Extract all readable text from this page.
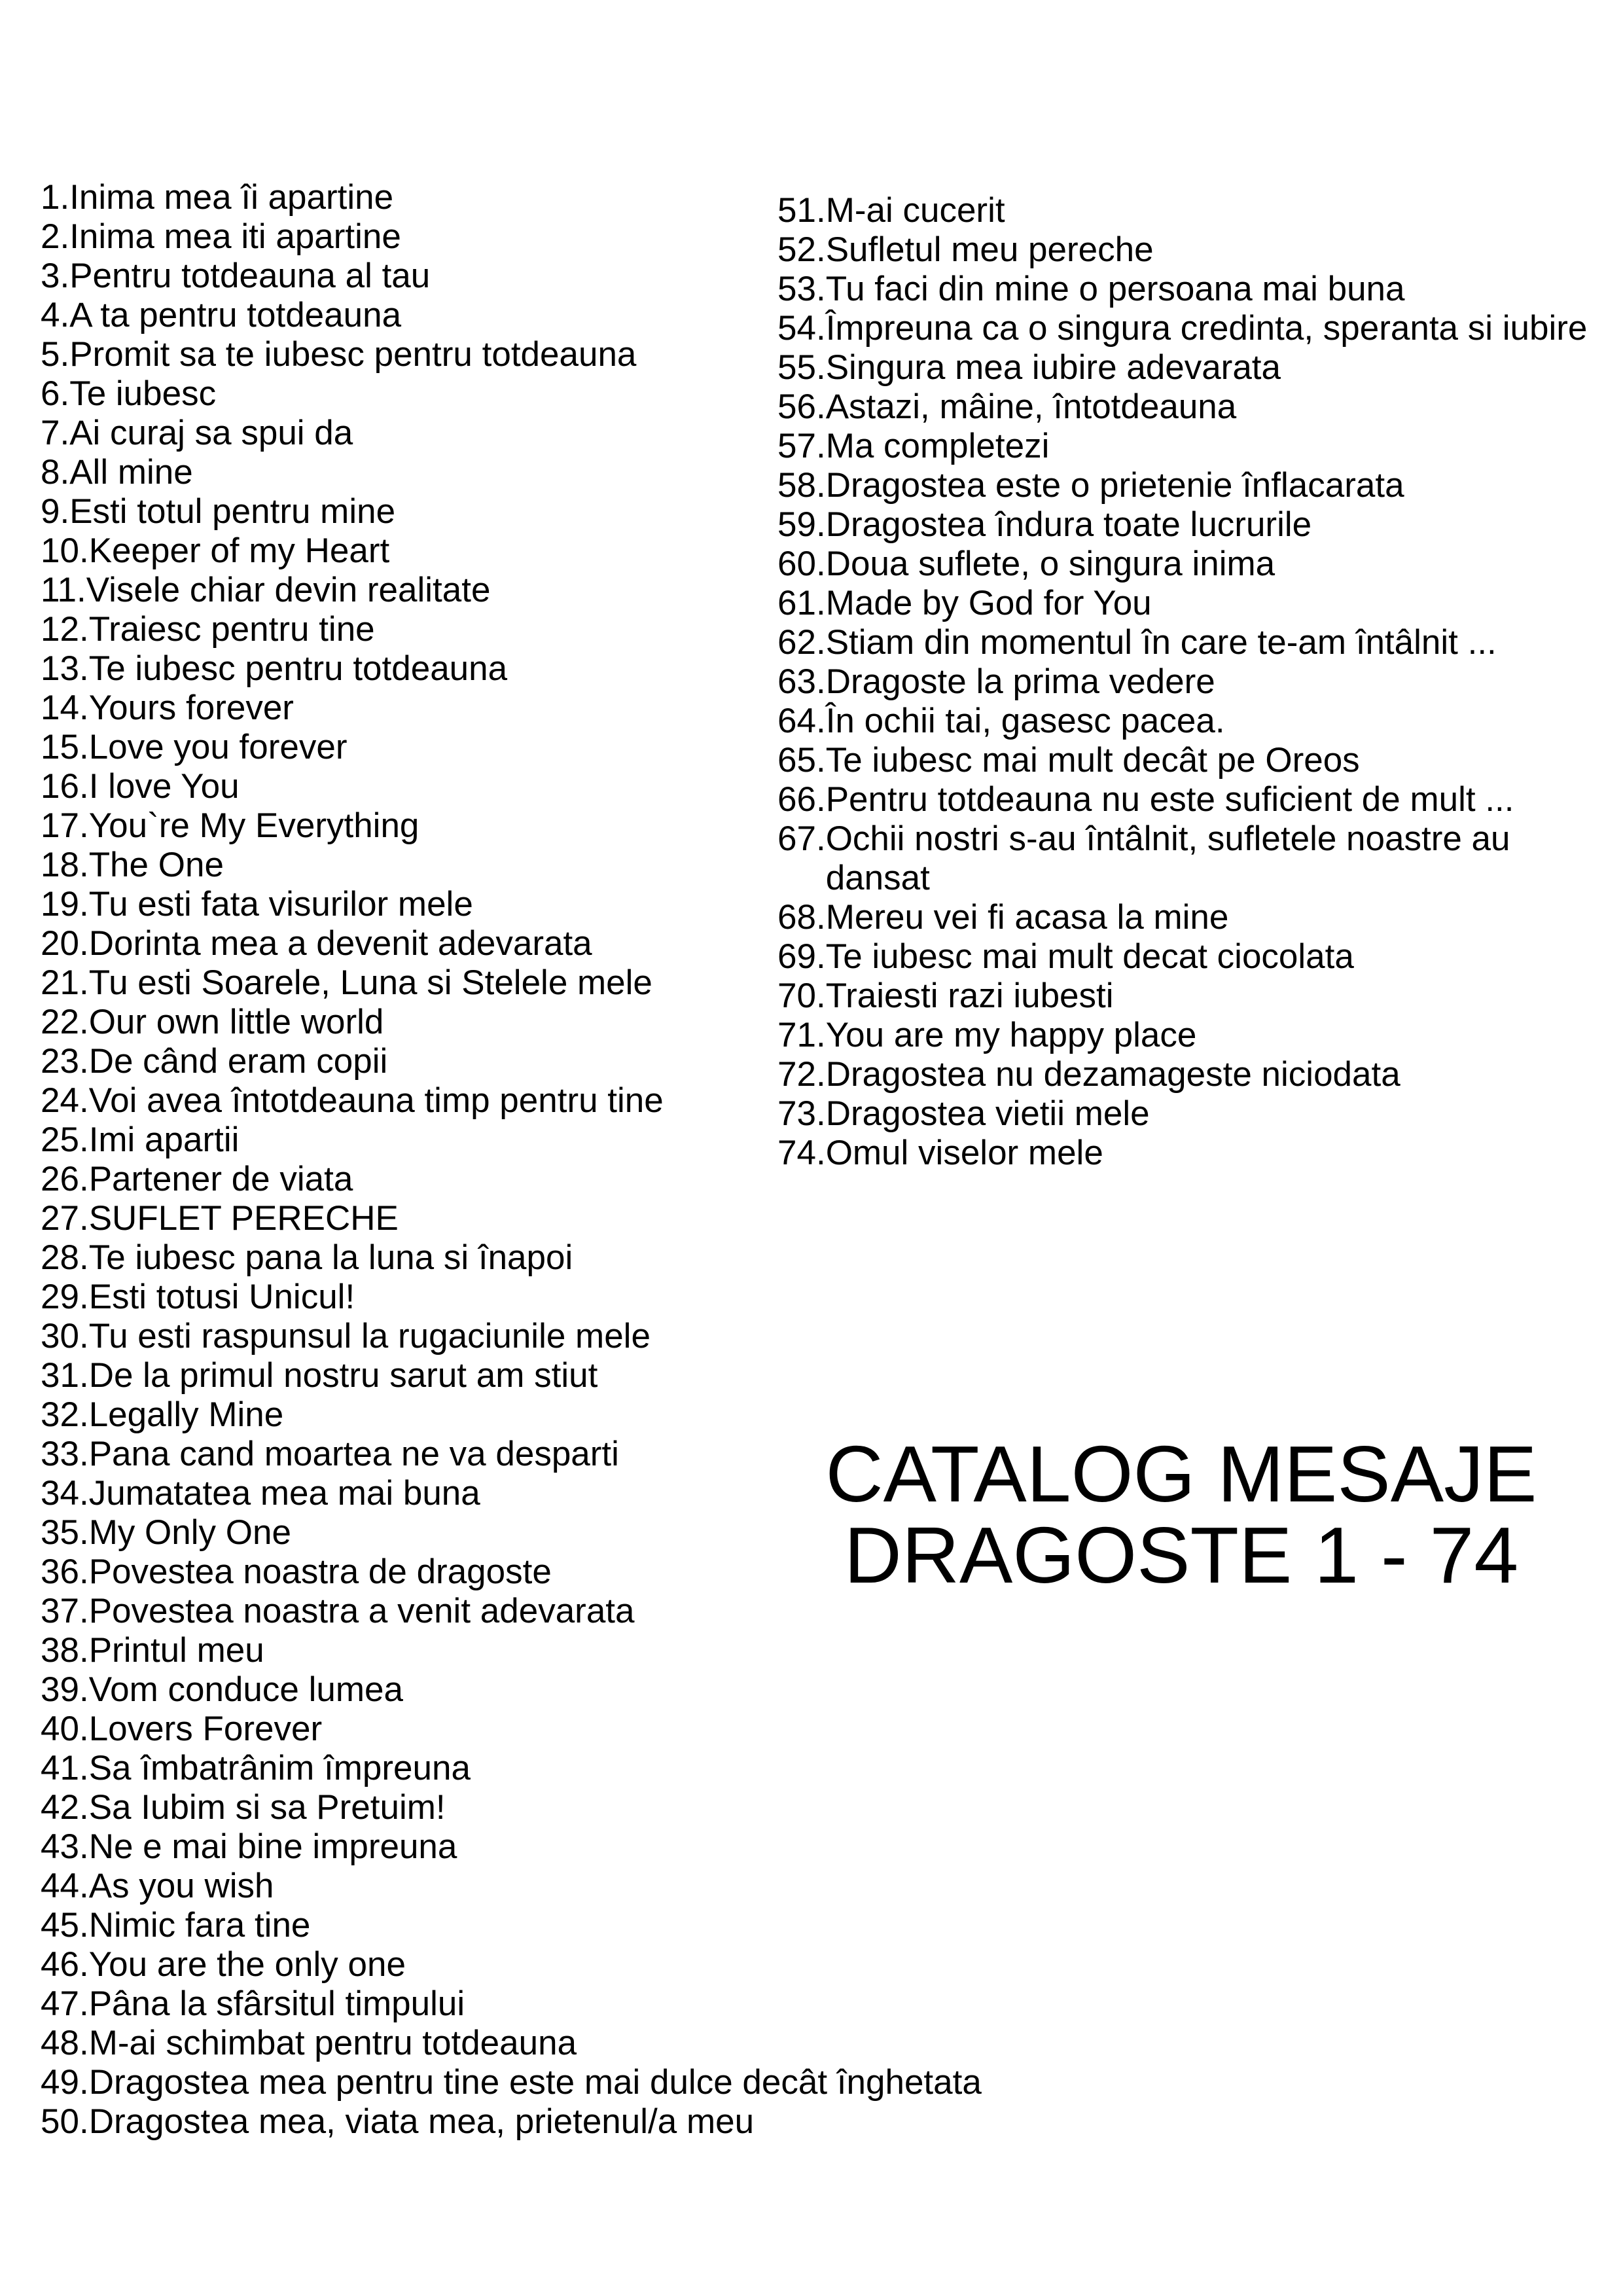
1. Inima mea îi apartine
2. Inima mea iti apartine
3. Pentru totdeauna al tau
4. A ta pentru totdeauna
5. Promit sa te iubesc pentru totdeauna
6. Te iubesc
7. Ai curaj sa spui da
8. All mine
9. Esti totul pentru mine
10. Keeper of my Heart
11. Visele chiar devin realitate
12. Traiesc pentru tine
13. Te iubesc pentru totdeauna
14. Yours forever
15. Love you forever
16. I love You
17. You`re My Everything
18. The One
19. Tu esti fata visurilor mele
20. Dorinta mea a devenit adevarata
21. Tu esti Soarele, Luna si Stelele mele
22. Our own little world
23. De când eram copii
24. Voi avea întotdeauna timp pentru tine
25. Imi apartii
26. Partener de viata
27. SUFLET PERECHE
28. Te iubesc pana la luna si înapoi
29. Esti totusi Unicul!
30. Tu esti raspunsul la rugaciunile mele
31. De la primul nostru sarut am stiut
32. Legally Mine
33. Pana cand moartea ne va desparti
34. Jumatatea mea mai buna
35. My Only One
36. Povestea noastra de dragoste
37. Povestea noastra a venit adevarata
38. Printul meu
39. Vom conduce lumea
40. Lovers Forever
41. Sa îmbatrânim împreuna
42. Sa Iubim si sa Pretuim!
43. Ne e mai bine impreuna
44. As you wish
45. Nimic fara tine
46. You are the only one
47. Pâna la sfârsitul timpului
48. M-ai schimbat pentru totdeauna
49. Dragostea mea pentru tine este mai dulce decât înghetata
50. Dragostea mea, viata mea, prietenul/a meu
51. M-ai cucerit
52. Sufletul meu pereche
53. Tu faci din mine o persoana mai buna
54. Împreuna ca o singura credinta, speranta si iubire
55. Singura mea iubire adevarata
56. Astazi, mâine, întotdeauna
57. Ma completezi
58. Dragostea este o prietenie înflacarata
59. Dragostea îndura toate lucrurile
60. Doua suflete, o singura inima
61. Made by God for You
62. Stiam din momentul în care te-am întâlnit ...
63. Dragoste la prima vedere
64. În ochii tai, gasesc pacea.
65. Te iubesc mai mult decât pe Oreos
66. Pentru totdeauna nu este suficient de mult ...
67. Ochii nostri s-au întâlnit, sufletele noastre au dansat
68. Mereu vei fi acasa la mine
69. Te iubesc mai mult decat ciocolata
70. Traiesti razi iubesti
71. You are my happy place
72. Dragostea nu dezamageste niciodata
73. Dragostea vietii mele
74. Omul viselor mele
CATALOG MESAJE
DRAGOSTE 1 - 74
